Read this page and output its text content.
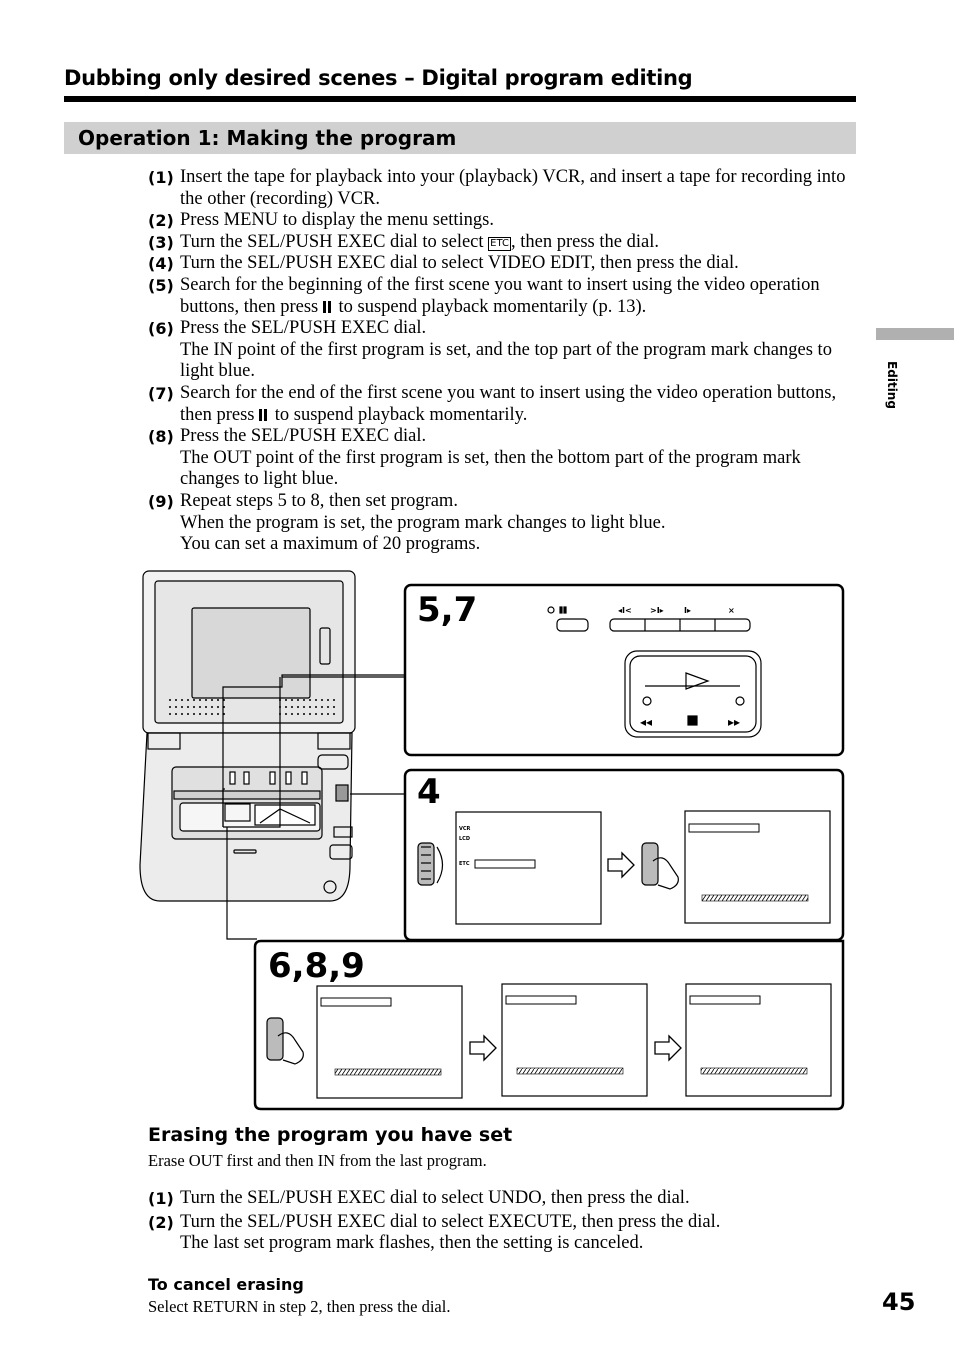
Dubbing only desired scenes – Digital program editing
Operation 1: Making the program
(1) Insert the tape for playback into your (playback) VCR, and insert a tape for recording into the other (recording) VCR.
(2) Press MENU to display the menu settings.
(3) Turn the SEL/PUSH EXEC dial to select ETC , then press the dial.
(4) Turn the SEL/PUSH EXEC dial to select VIDEO EDIT, then press the dial.
(5) Search for the beginning of the first scene you want to insert using the video operation buttons, then press  to suspend playback momentarily (p. 13).
(6) Press the SEL/PUSH EXEC dial.
The IN point of the first program is set, and the top part of the program mark changes to light blue.
(7) Search for the end of the first scene you want to insert using the video operation buttons, then press  to suspend playback momentarily.
(8) Press the SEL/PUSH EXEC dial.
The OUT point of the first program is set, then the bottom part of the program mark changes to light blue.
(9) Repeat steps 5 to 8, then set program.
When the program is set, the program mark changes to light blue.
You can set a maximum of 20 programs.
Editing
5,7	◂I< >I▸	I▸	×
◂◂	▸▸
4
VCR
LCD
ETC
6,8,9
Erasing the program you have set
Erase OUT first and then IN from the last program.
(1) Turn the SEL/PUSH EXEC dial to select UNDO, then press the dial.
(2) Turn the SEL/PUSH EXEC dial to select EXECUTE, then press the dial.
The last set program mark flashes, then the setting is canceled.
To cancel erasing
Select RETURN in step 2, then press the dial.	45
